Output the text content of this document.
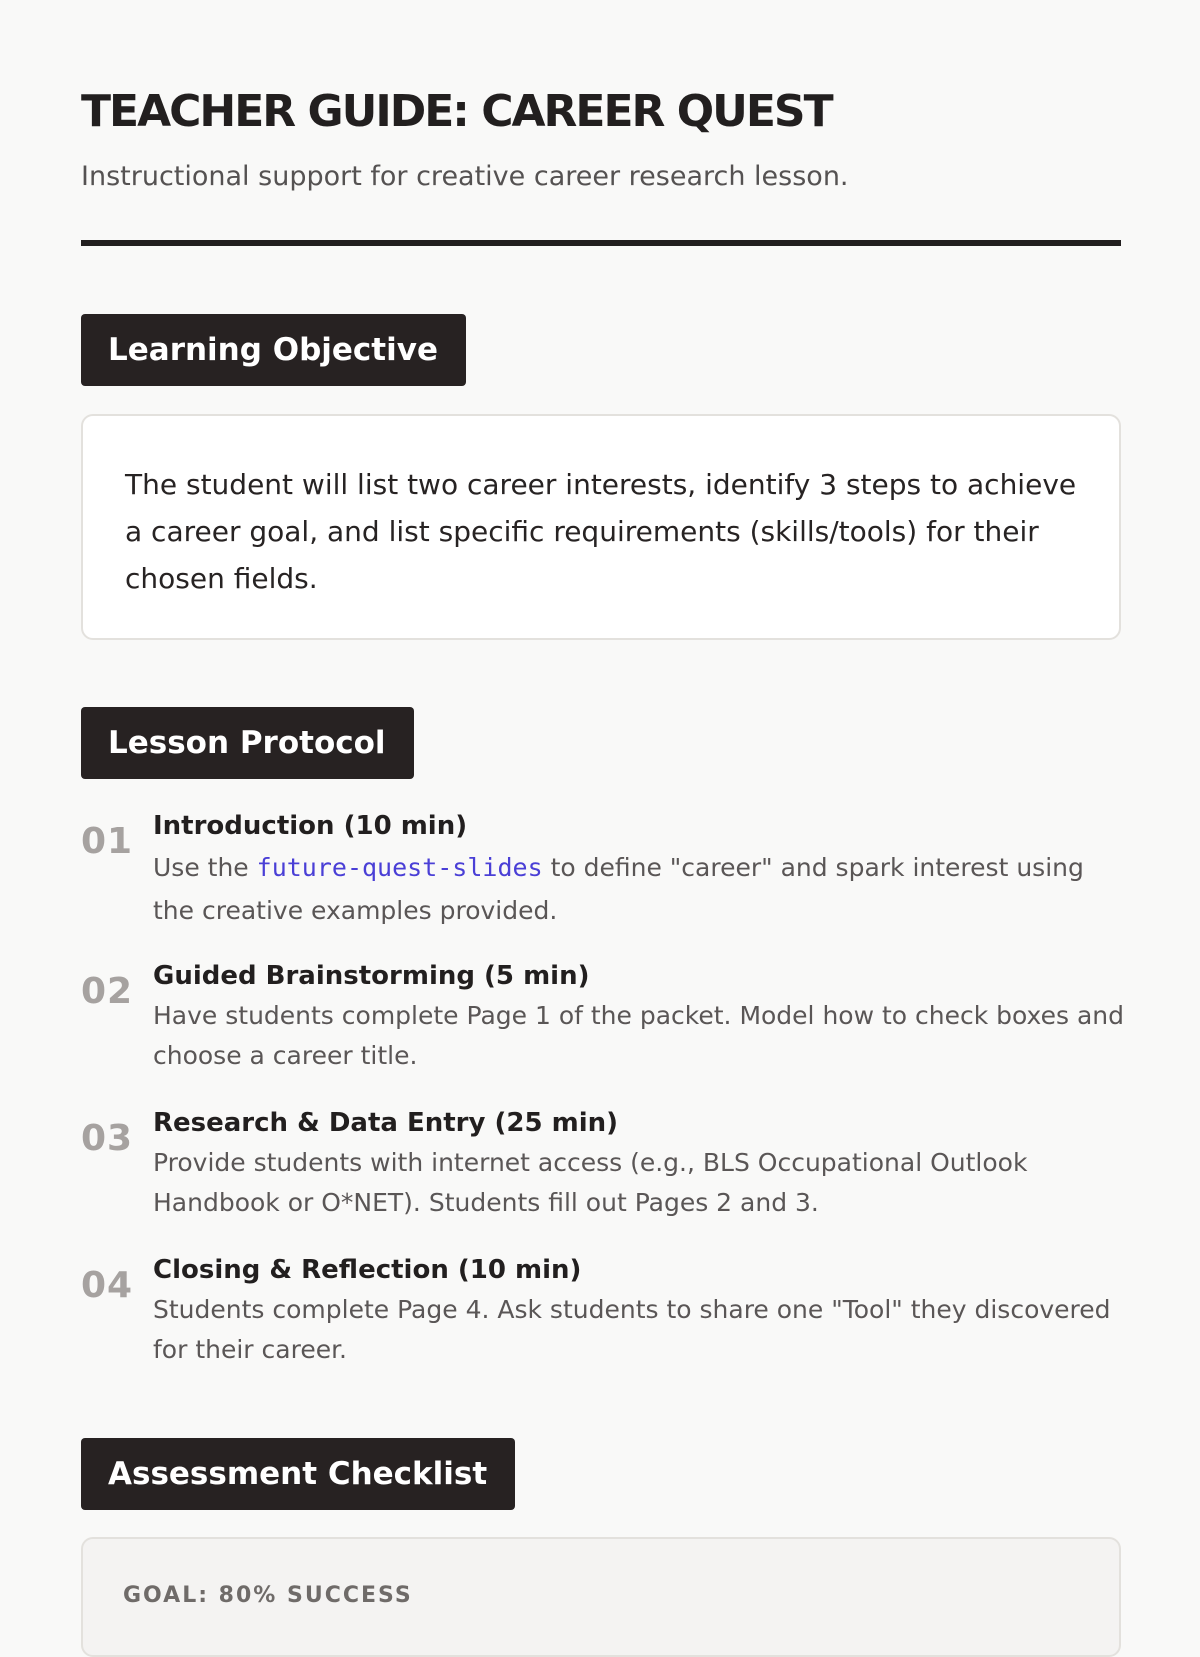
TEACHER GUIDE: CAREER QUEST
Instructional support for creative career research lesson.
Learning Objective

The student will list two career interests, identify 3 steps to achieve a career goal, and list specific requirements (skills/tools) for their chosen fields.

Lesson Protocol
01 Introduction (10 min)

Use the future-quest-slides to define "career" and spark interest using the creative examples provided.

02 Guided Brainstorming (5 min)

Have students complete Page 1 of the packet. Model how to check boxes and choose a career title.

03 Research & Data Entry (25 min)

Provide students with internet access (e.g., BLS Occupational Outlook Handbook or O*NET). Students fill out Pages 2 and 3.

04 Closing & Reflection (10 min)

Students complete Page 4. Ask students to share one "Tool" they discovered for their career.

Assessment Checklist
GOAL: 80% SUCCESS
